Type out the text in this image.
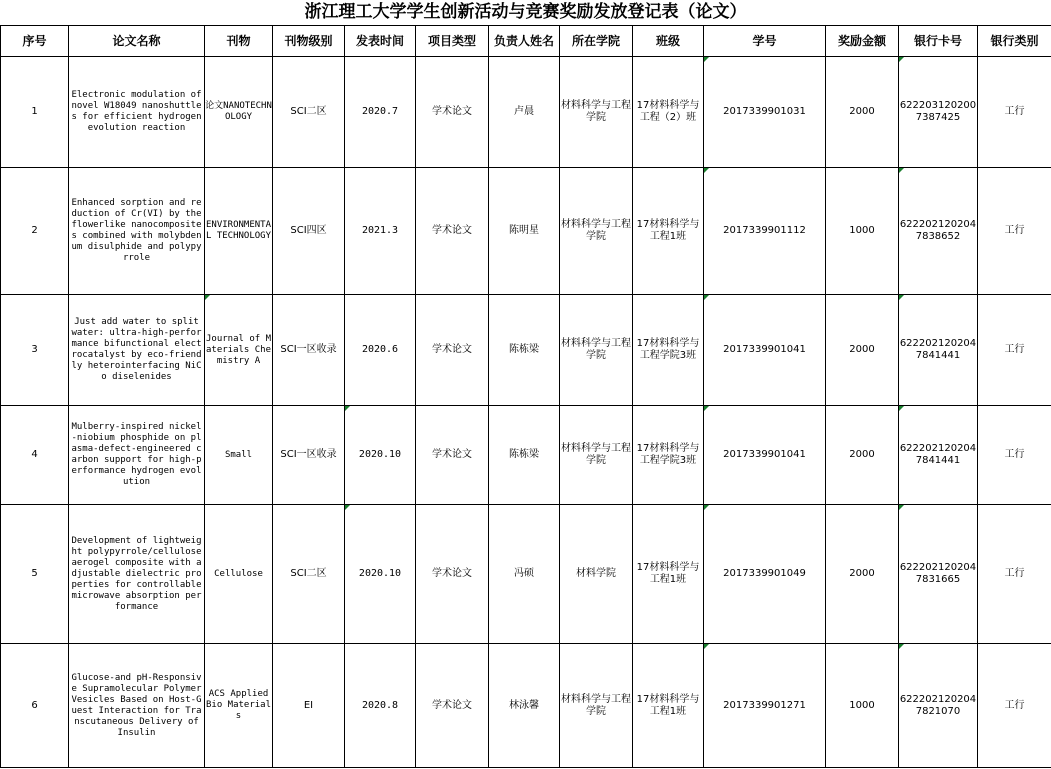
浙江理工大学学生创新活动与竞赛奖励发放登记表（论文）
序号	论文名称	刊物	刊物级别	发表时间	项目类型	负责人姓名	所在学院	班级	学号	奖励金额	银行卡号	银行类别
1	Electronic modulation of novel W18049 nanoshuttles for efficient hydrogen evolution reaction	论文NANOTECHNOLOGY	SCI二区	2020.7	学术论文	卢晨	材料科学与工程学院	17材料科学与工程（2）班	2017339901031	2000	6222031202007387425	工行
2	Enhanced sorption and reduction of Cr(VI) by the flowerlike nanocomposites combined with molybdenum disulphide and polypyrrole	ENVIRONMENTAL TECHNOLOGY	SCI四区	2021.3	学术论文	陈明星	材料科学与工程学院	17材料科学与工程1班	2017339901112	1000	6222021202047838652	工行
3	Just add water to split water: ultra-high-performance bifunctional electrocatalyst by eco-friendly heterointerfacing NiCo diselenides	Journal of Materials Chemistry A	SCI一区收录	2020.6	学术论文	陈栋梁	材料科学与工程学院	17材料科学与工程学院3班	2017339901041	2000	6222021202047841441	工行
4	Mulberry-inspired nickel-niobium phosphide on plasma-defect-engineered carbon support for high-performance hydrogen evolution	Small	SCI一区收录	2020.10	学术论文	陈栋梁	材料科学与工程学院	17材料科学与工程学院3班	2017339901041	2000	6222021202047841441	工行
5	Development of lightweight polypyrrole/cellulose aerogel composite with adjustable dielectric properties for controllable microwave absorption performance	Cellulose	SCI二区	2020.10	学术论文	冯硕	材料学院	17材料科学与工程1班	2017339901049	2000	6222021202047831665	工行
6	Glucose-and pH-Responsive Supramolecular Polymer Vesicles Based on Host-Guest Interaction for Transcutaneous Delivery of Insulin	ACS Applied Bio Materials	EI	2020.8	学术论文	林泳馨	材料科学与工程学院	17材料科学与工程1班	2017339901271	1000	6222021202047821070	工行
